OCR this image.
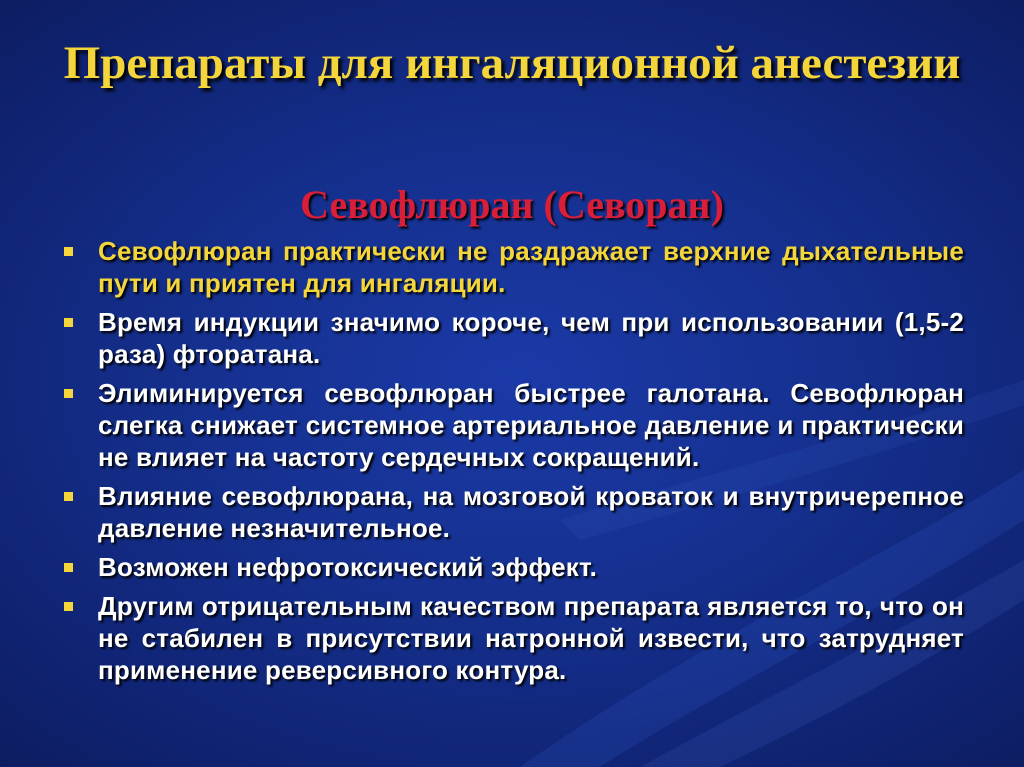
Препараты для ингаляционной анестезии
Севофлюран (Севоран)
Севофлюран практически не раздражает верхние дыхательные пути и приятен для ингаляции.
Время индукции значимо короче, чем при использовании (1,5-2 раза) фторатана.
Элиминируется севофлюран быстрее галотана. Севофлюран слегка снижает системное артериальное давление и практически не влияет на частоту сердечных сокращений.
Влияние севофлюрана, на мозговой кроваток и внутричерепное давление незначительное.
Возможен нефротоксический эффект.
Другим отрицательным качеством препарата является то, что он не стабилен в присутствии натронной извести, что затрудняет применение реверсивного контура.
